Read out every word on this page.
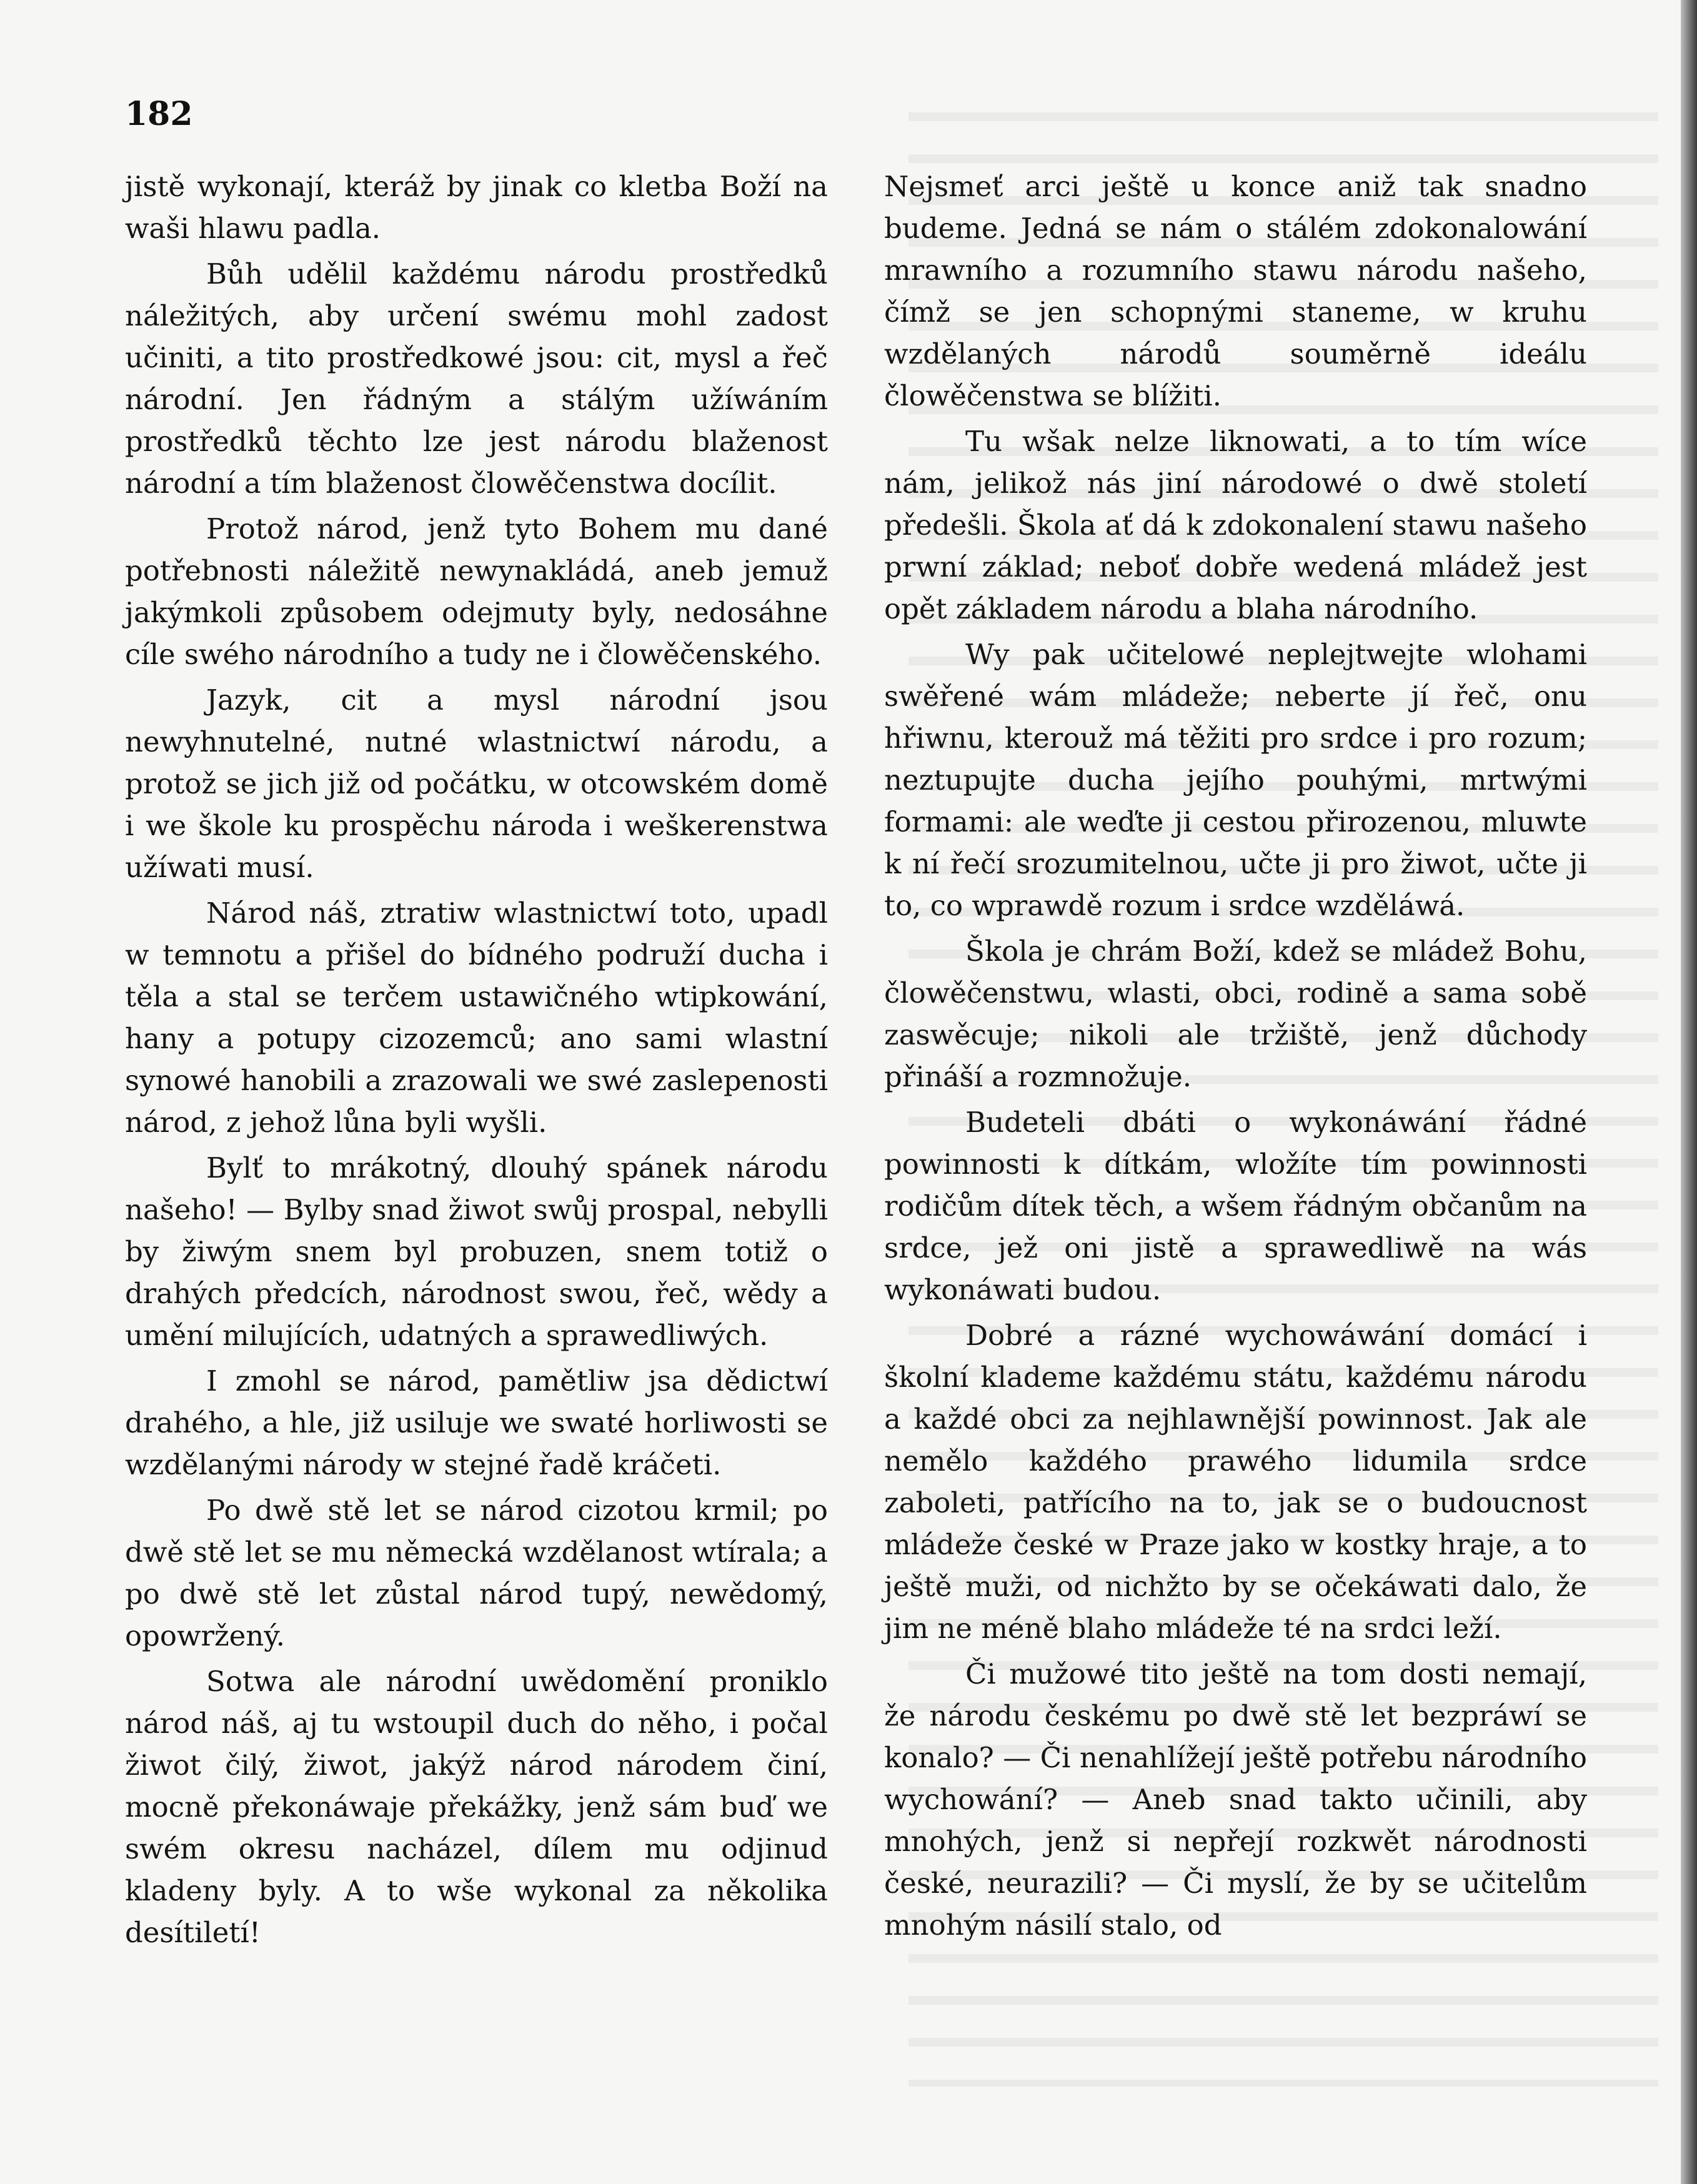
182

jistě wykonají, kteráž by jinak co kletba Boží na waši hlawu padla.

Bůh udělil každému národu prostředků náležitých, aby určení swému mohl zadost učiniti, a tito prostředkowé jsou: cit, mysl a řeč národní. Jen řádným a stálým užíwáním prostředků těchto lze jest národu blaženost národní a tím blaženost člowěčenstwa docílit.

Protož národ, jenž tyto Bohem mu dané potřebnosti náležitě newynakládá, aneb jemuž jakýmkoli způsobem odejmuty byly, nedosáhne cíle swého národního a tudy ne i člowěčenského.

Jazyk, cit a mysl národní jsou newyhnutelné, nutné wlastnictwí národu, a protož se jich již od počátku, w otcowském domě i we škole ku prospěchu národa i weškerenstwa užíwati musí.

Národ náš, ztratiw wlastnictwí toto, upadl w temnotu a přišel do bídného podruží ducha i těla a stal se terčem ustawičného wtipkowání, hany a potupy cizozemců; ano sami wlastní synowé hanobili a zrazowali we swé zaslepenosti národ, z jehož lůna byli wyšli.

Bylť to mrákotný, dlouhý spánek národu našeho! — Bylby snad žiwot swůj prospal, nebylli by žiwým snem byl probuzen, snem totiž o drahých předcích, národnost swou, řeč, wědy a umění milujících, udatných a sprawedliwých.

I zmohl se národ, pamětliw jsa dědictwí drahého, a hle, již usiluje we swaté horliwosti se wzdělanými národy w stejné řadě kráčeti.

Po dwě stě let se národ cizotou krmil; po dwě stě let se mu německá wzdělanost wtírala; a po dwě stě let zůstal národ tupý, newědomý, opowržený.

Sotwa ale národní uwědomění proniklo národ náš, aj tu wstoupil duch do něho, i počal žiwot čilý, žiwot, jakýž národ národem činí, mocně překonáwaje překážky, jenž sám buď we swém okresu nacházel, dílem mu odjinud kladeny byly. A to wše wykonal za několika desítiletí!

Nejsmeť arci ještě u konce aniž tak snadno budeme. Jedná se nám o stálém zdokonalowání mrawního a rozumního stawu národu našeho, čímž se jen schopnými staneme, w kruhu wzdělaných národů souměrně ideálu člowěčenstwa se blížiti.

Tu wšak nelze liknowati, a to tím wíce nám, jelikož nás jiní národowé o dwě století předešli. Škola ať dá k zdokonalení stawu našeho prwní základ; neboť dobře wedená mládež jest opět základem národu a blaha národního.

Wy pak učitelowé neplejtwejte wlohami swěřené wám mládeže; neberte jí řeč, onu hřiwnu, kterouž má těžiti pro srdce i pro rozum; neztupujte ducha jejího pouhými, mrtwými formami: ale weďte ji cestou přirozenou, mluwte k ní řečí srozumitelnou, učte ji pro žiwot, učte ji to, co wprawdě rozum i srdce wzděláwá.

Škola je chrám Boží, kdež se mládež Bohu, člowěčenstwu, wlasti, obci, rodině a sama sobě zaswěcuje; nikoli ale tržiště, jenž důchody přináší a rozmnožuje.

Budeteli dbáti o wykonáwání řádné powinnosti k dítkám, wložíte tím powinnosti rodičům dítek těch, a wšem řádným občanům na srdce, jež oni jistě a sprawedliwě na wás wykonáwati budou.

Dobré a rázné wychowáwání domácí i školní klademe každému státu, každému národu a každé obci za nejhlawnější powinnost. Jak ale nemělo každého prawého lidumila srdce zaboleti, patřícího na to, jak se o budoucnost mládeže české w Praze jako w kostky hraje, a to ještě muži, od nichžto by se očekáwati dalo, že jim ne méně blaho mládeže té na srdci leží.

Či mužowé tito ještě na tom dosti nemají, že národu českému po dwě stě let bezpráwí se konalo? — Či nenahlížejí ještě potřebu národního wychowání? — Aneb snad takto učinili, aby mnohých, jenž si nepřejí rozkwět národnosti české, neurazili? — Či myslí, že by se učitelům mnohým násilí stalo, od
